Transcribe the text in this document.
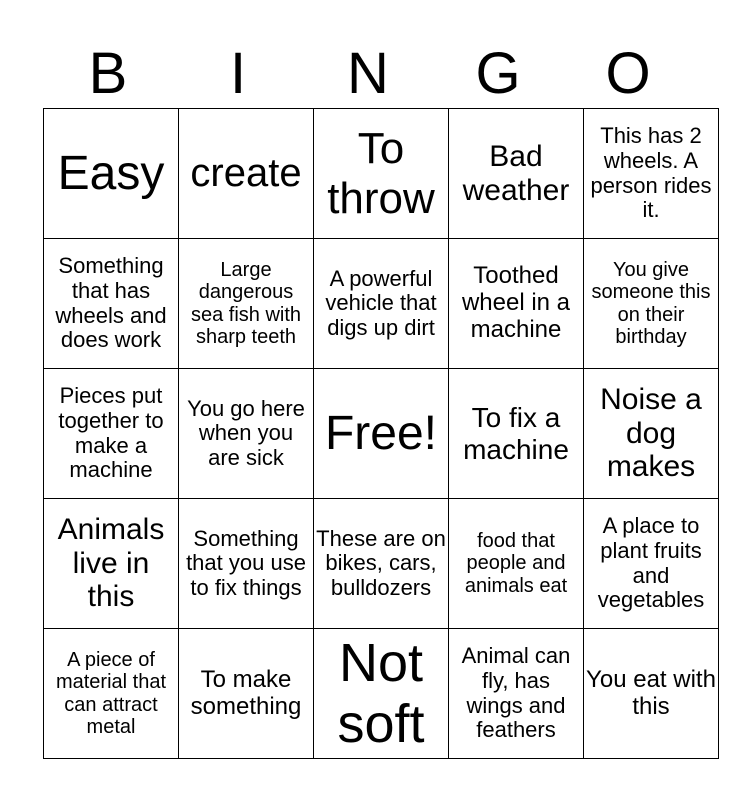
B	I	N	G	O
Easy	create	To throw	Bad weather	This has 2 wheels. A person rides it.
Something that has wheels and does work	Large dangerous sea fish with sharp teeth	A powerful vehicle that digs up dirt	Toothed wheel in a machine	You give someone this on their birthday
Pieces put together to make a machine	You go here when you are sick	Free!	To fix a machine	Noise a dog makes
Animals live in this	Something that you use to fix things	These are on bikes, cars, bulldozers	food that people and animals eat	A place to plant fruits and vegetables
A piece of material that can attract metal	To make something	Not soft	Animal can fly, has wings and feathers	You eat with this
